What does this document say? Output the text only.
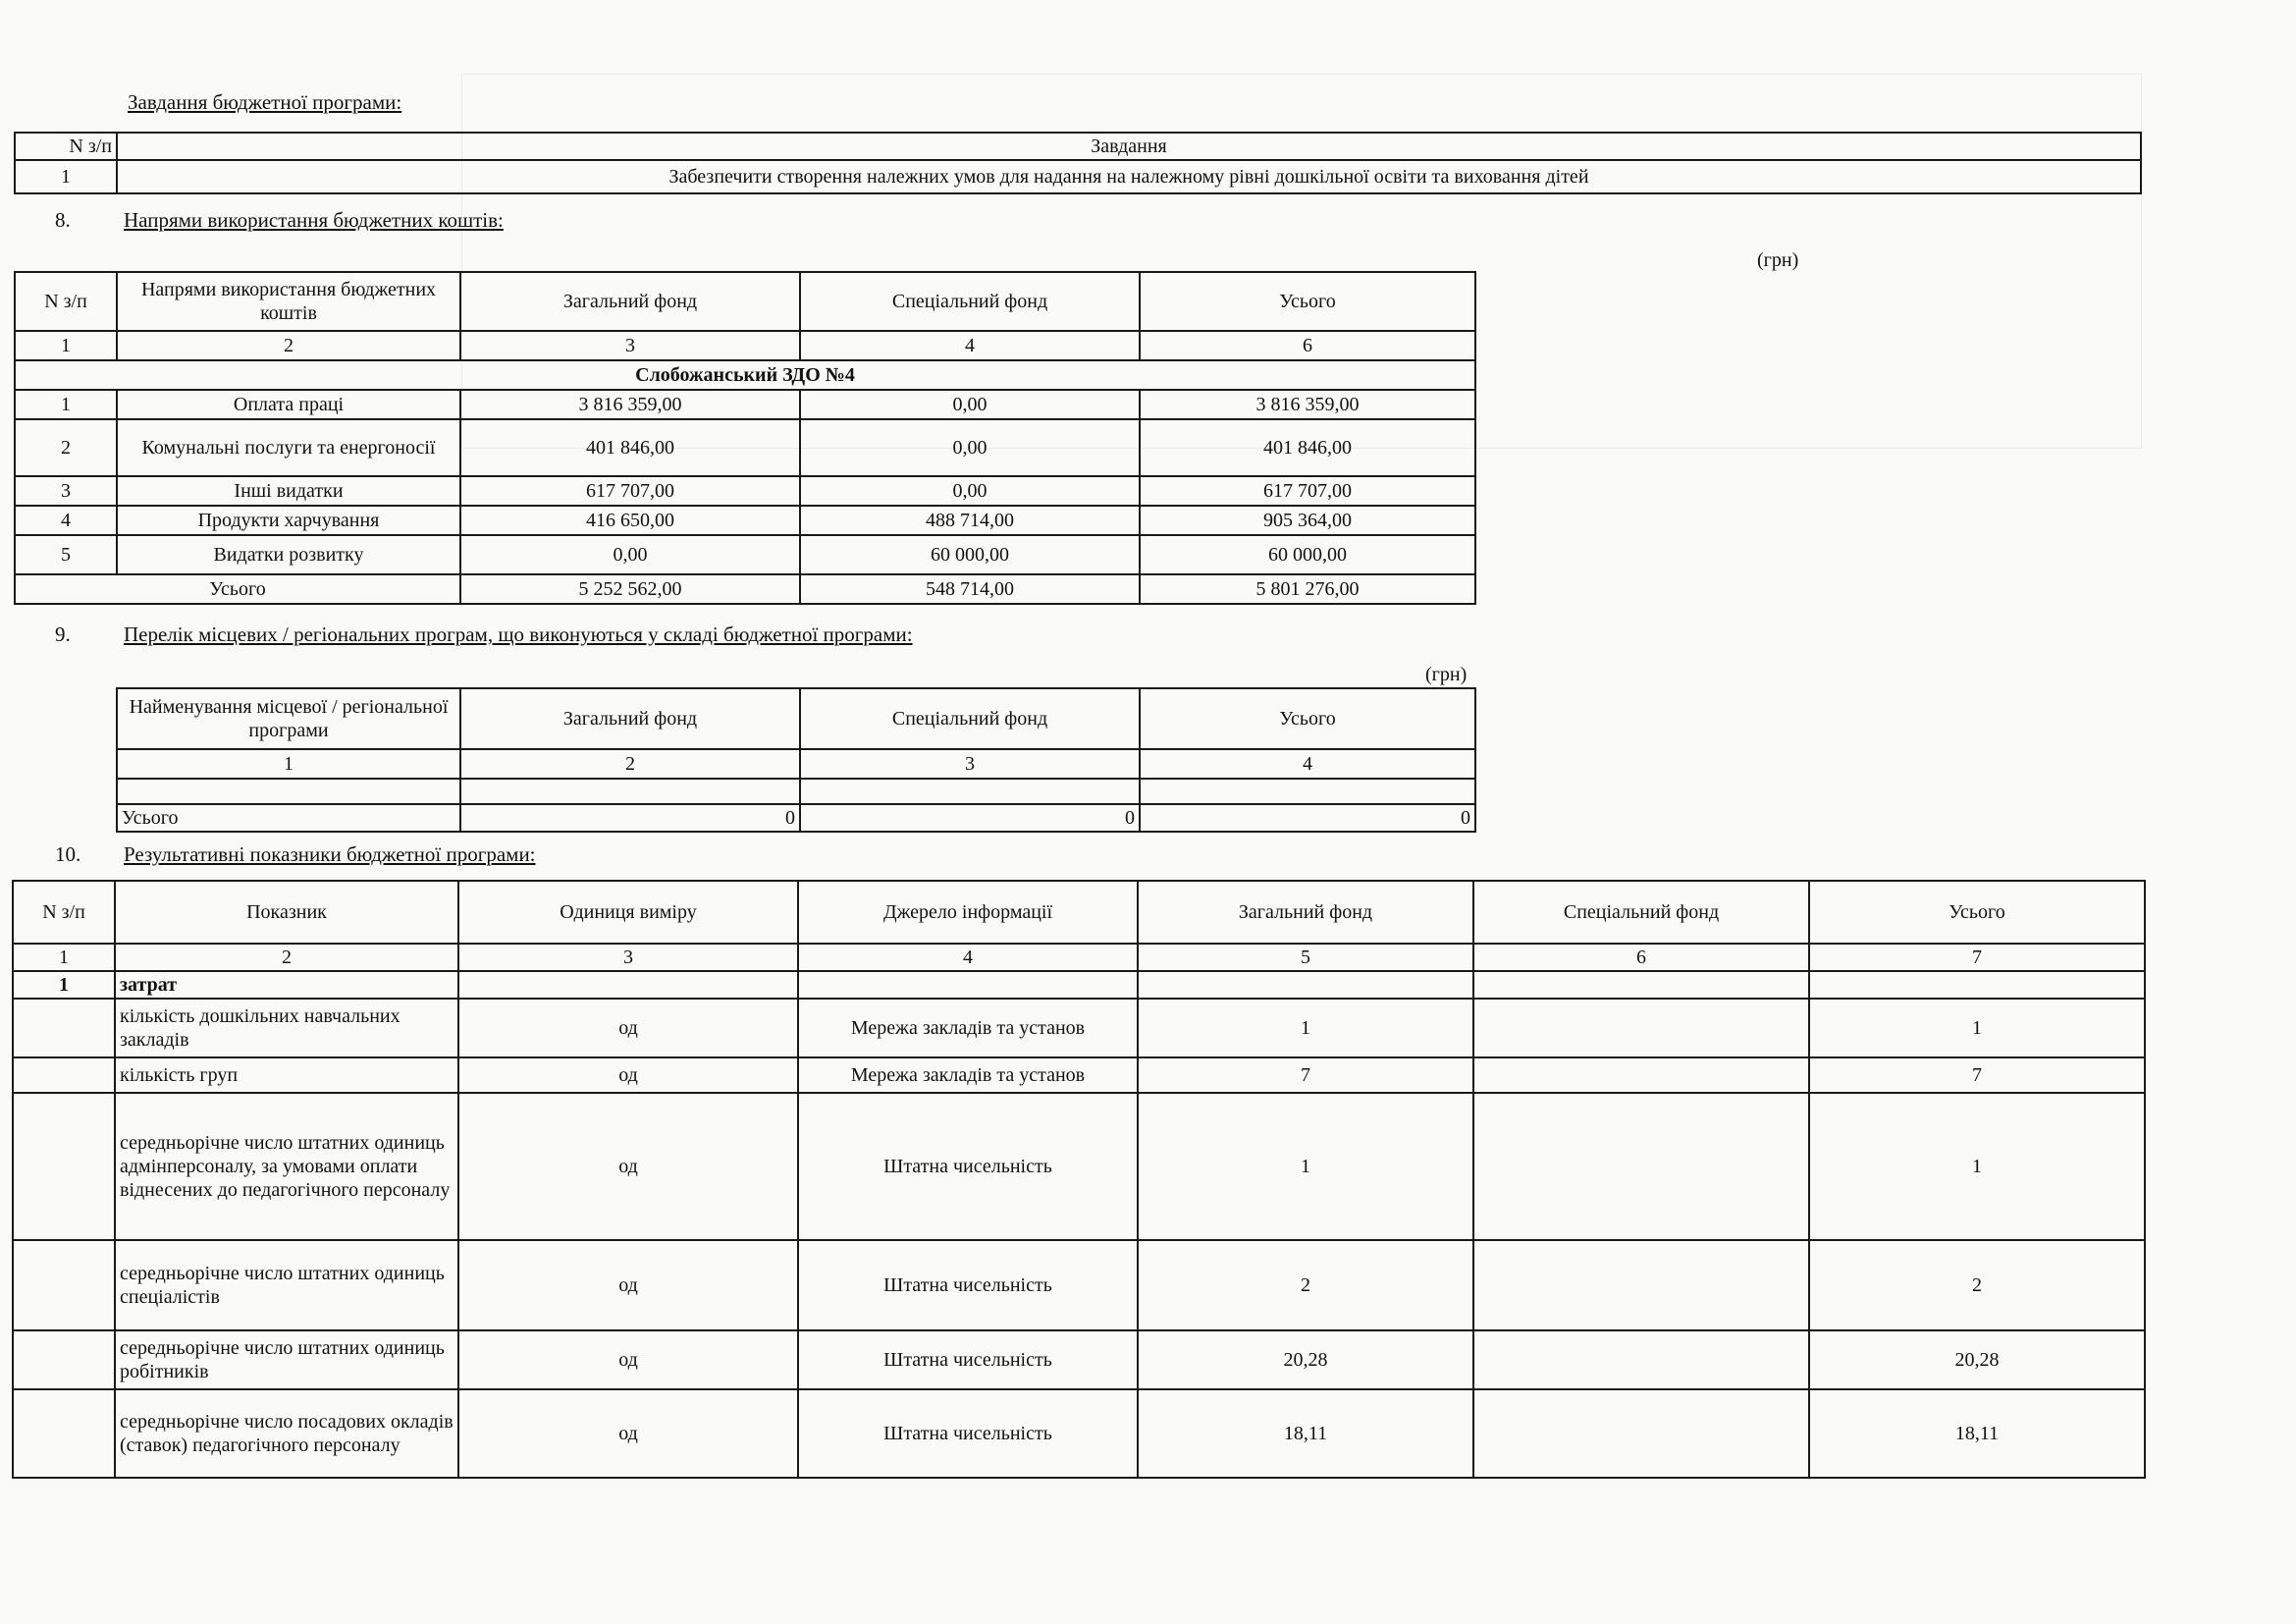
Завдання бюджетної програми:
N з/п	Завдання
1	Забезпечити створення належних умов для надання на належному рівні дошкільної освіти та виховання дітей
8.	Напрями використання бюджетних коштів:
(грн)
N з/п	Напрями використання бюджетних коштів	Загальний фонд	Спеціальний фонд	Усього
1	2	3	4	6
Слобожанський ЗДО №4				
1	Оплата праці	3 816 359,00	0,00	3 816 359,00
2	Комунальні послуги та енергоносії	401 846,00	0,00	401 846,00
3	Інші видатки	617 707,00	0,00	617 707,00
4	Продукти харчування	416 650,00	488 714,00	905 364,00
5	Видатки розвитку	0,00	60 000,00	60 000,00
Усього		5 252 562,00	548 714,00	5 801 276,00
9.	Перелік місцевих / регіональних програм, що виконуються у складі бюджетної програми:
(грн)
Найменування місцевої / регіональної програми	Загальний фонд	Спеціальний фонд	Усього
1	2	3	4

Усього	0	0	0
10. Результативні показники бюджетної програми:
N з/п	Показник	Одиниця виміру	Джерело інформації	Загальний фонд	Спеціальний фонд	Усього
1	2	3	4	5	6	7
1	затрат					
	кількість дошкільних навчальних закладів	од	Мережа закладів та установ	1		1
	кількість груп	од	Мережа закладів та установ	7		7
	середньорічне число штатних одиниць адмінперсоналу, за умовами оплати віднесених до педагогічного персоналу	од	Штатна чисельність	1		1
	середньорічне число штатних одиниць спеціалістів	од	Штатна чисельність	2		2
	середньорічне число штатних одиниць робітників	од	Штатна чисельність	20,28		20,28
	середньорічне число посадових окладів (ставок) педагогічного персоналу	од	Штатна чисельність	18,11		18,11
